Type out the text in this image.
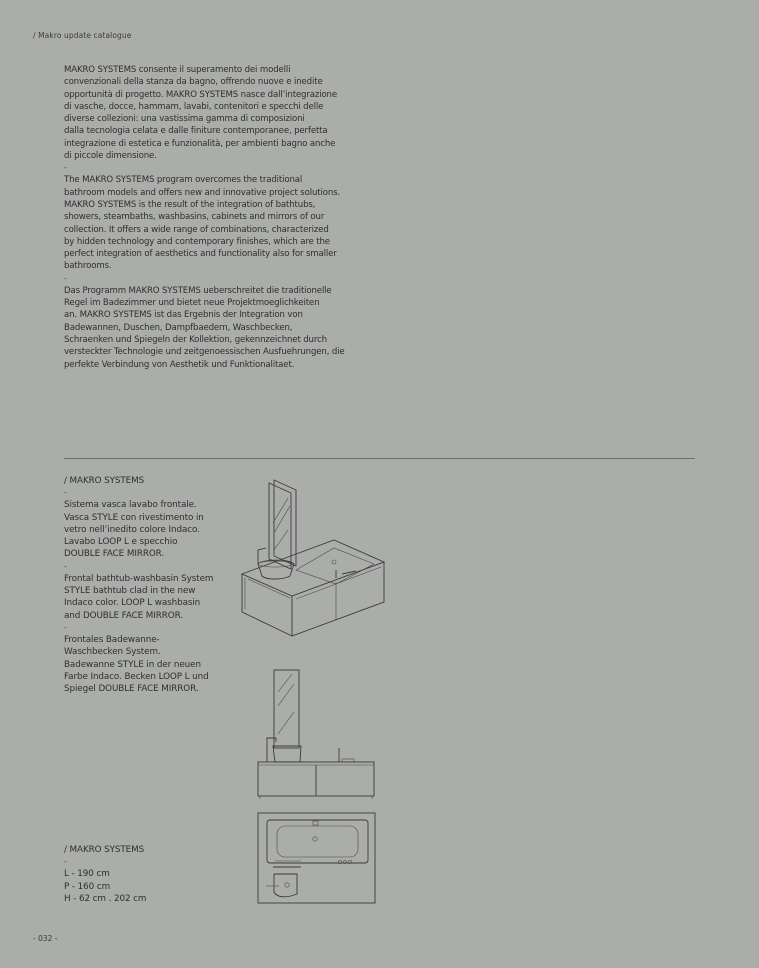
/ Makro update catalogue

MAKRO SYSTEMS consente il superamento dei modelli
convenzionali della stanza da bagno, offrendo nuove e inedite
opportunità di progetto. MAKRO SYSTEMS nasce dall’integrazione
di vasche, docce, hammam, lavabi, contenitori e specchi delle
diverse collezioni: una vastissima gamma di composizioni
dalla tecnologia celata e dalle finiture contemporanee, perfetta
integrazione di estetica e funzionalità, per ambienti bagno anche
di piccole dimensione.

-

The MAKRO SYSTEMS program overcomes the traditional
bathroom models and offers new and innovative project solutions.
MAKRO SYSTEMS is the result of the integration of bathtubs,
showers, steambaths, washbasins, cabinets and mirrors of our
collection. It offers a wide range of combinations, characterized
by hidden technology and contemporary finishes, which are the
perfect integration of aesthetics and functionality also for smaller
bathrooms.

-

Das Programm MAKRO SYSTEMS ueberschreitet die traditionelle
Regel im Badezimmer und bietet neue Projektmoeglichkeiten
an. MAKRO SYSTEMS ist das Ergebnis der Integration von
Badewannen, Duschen, Dampfbaedern, Waschbecken,
Schraenken und Spiegeln der Kollektion, gekennzeichnet durch
versteckter Technologie und zeitgenoessischen Ausfuehrungen, die
perfekte Verbindung von Aesthetik und Funktionalitaet.

/ MAKRO SYSTEMS
-

Sistema vasca lavabo frontale.
Vasca STYLE con rivestimento in
vetro nell’inedito colore Indaco.
Lavabo LOOP L e specchio
DOUBLE FACE MIRROR.

-

Frontal bathtub-washbasin System
STYLE bathtub clad in the new
Indaco color. LOOP L washbasin
and DOUBLE FACE MIRROR.

-

Frontales Badewanne-
Waschbecken System.
Badewanne STYLE in der neuen
Farbe Indaco. Becken LOOP L und
Spiegel DOUBLE FACE MIRROR.

/ MAKRO SYSTEMS
-
L - 190 cm
P - 160 cm
H - 62 cm . 202 cm
- 032 -
